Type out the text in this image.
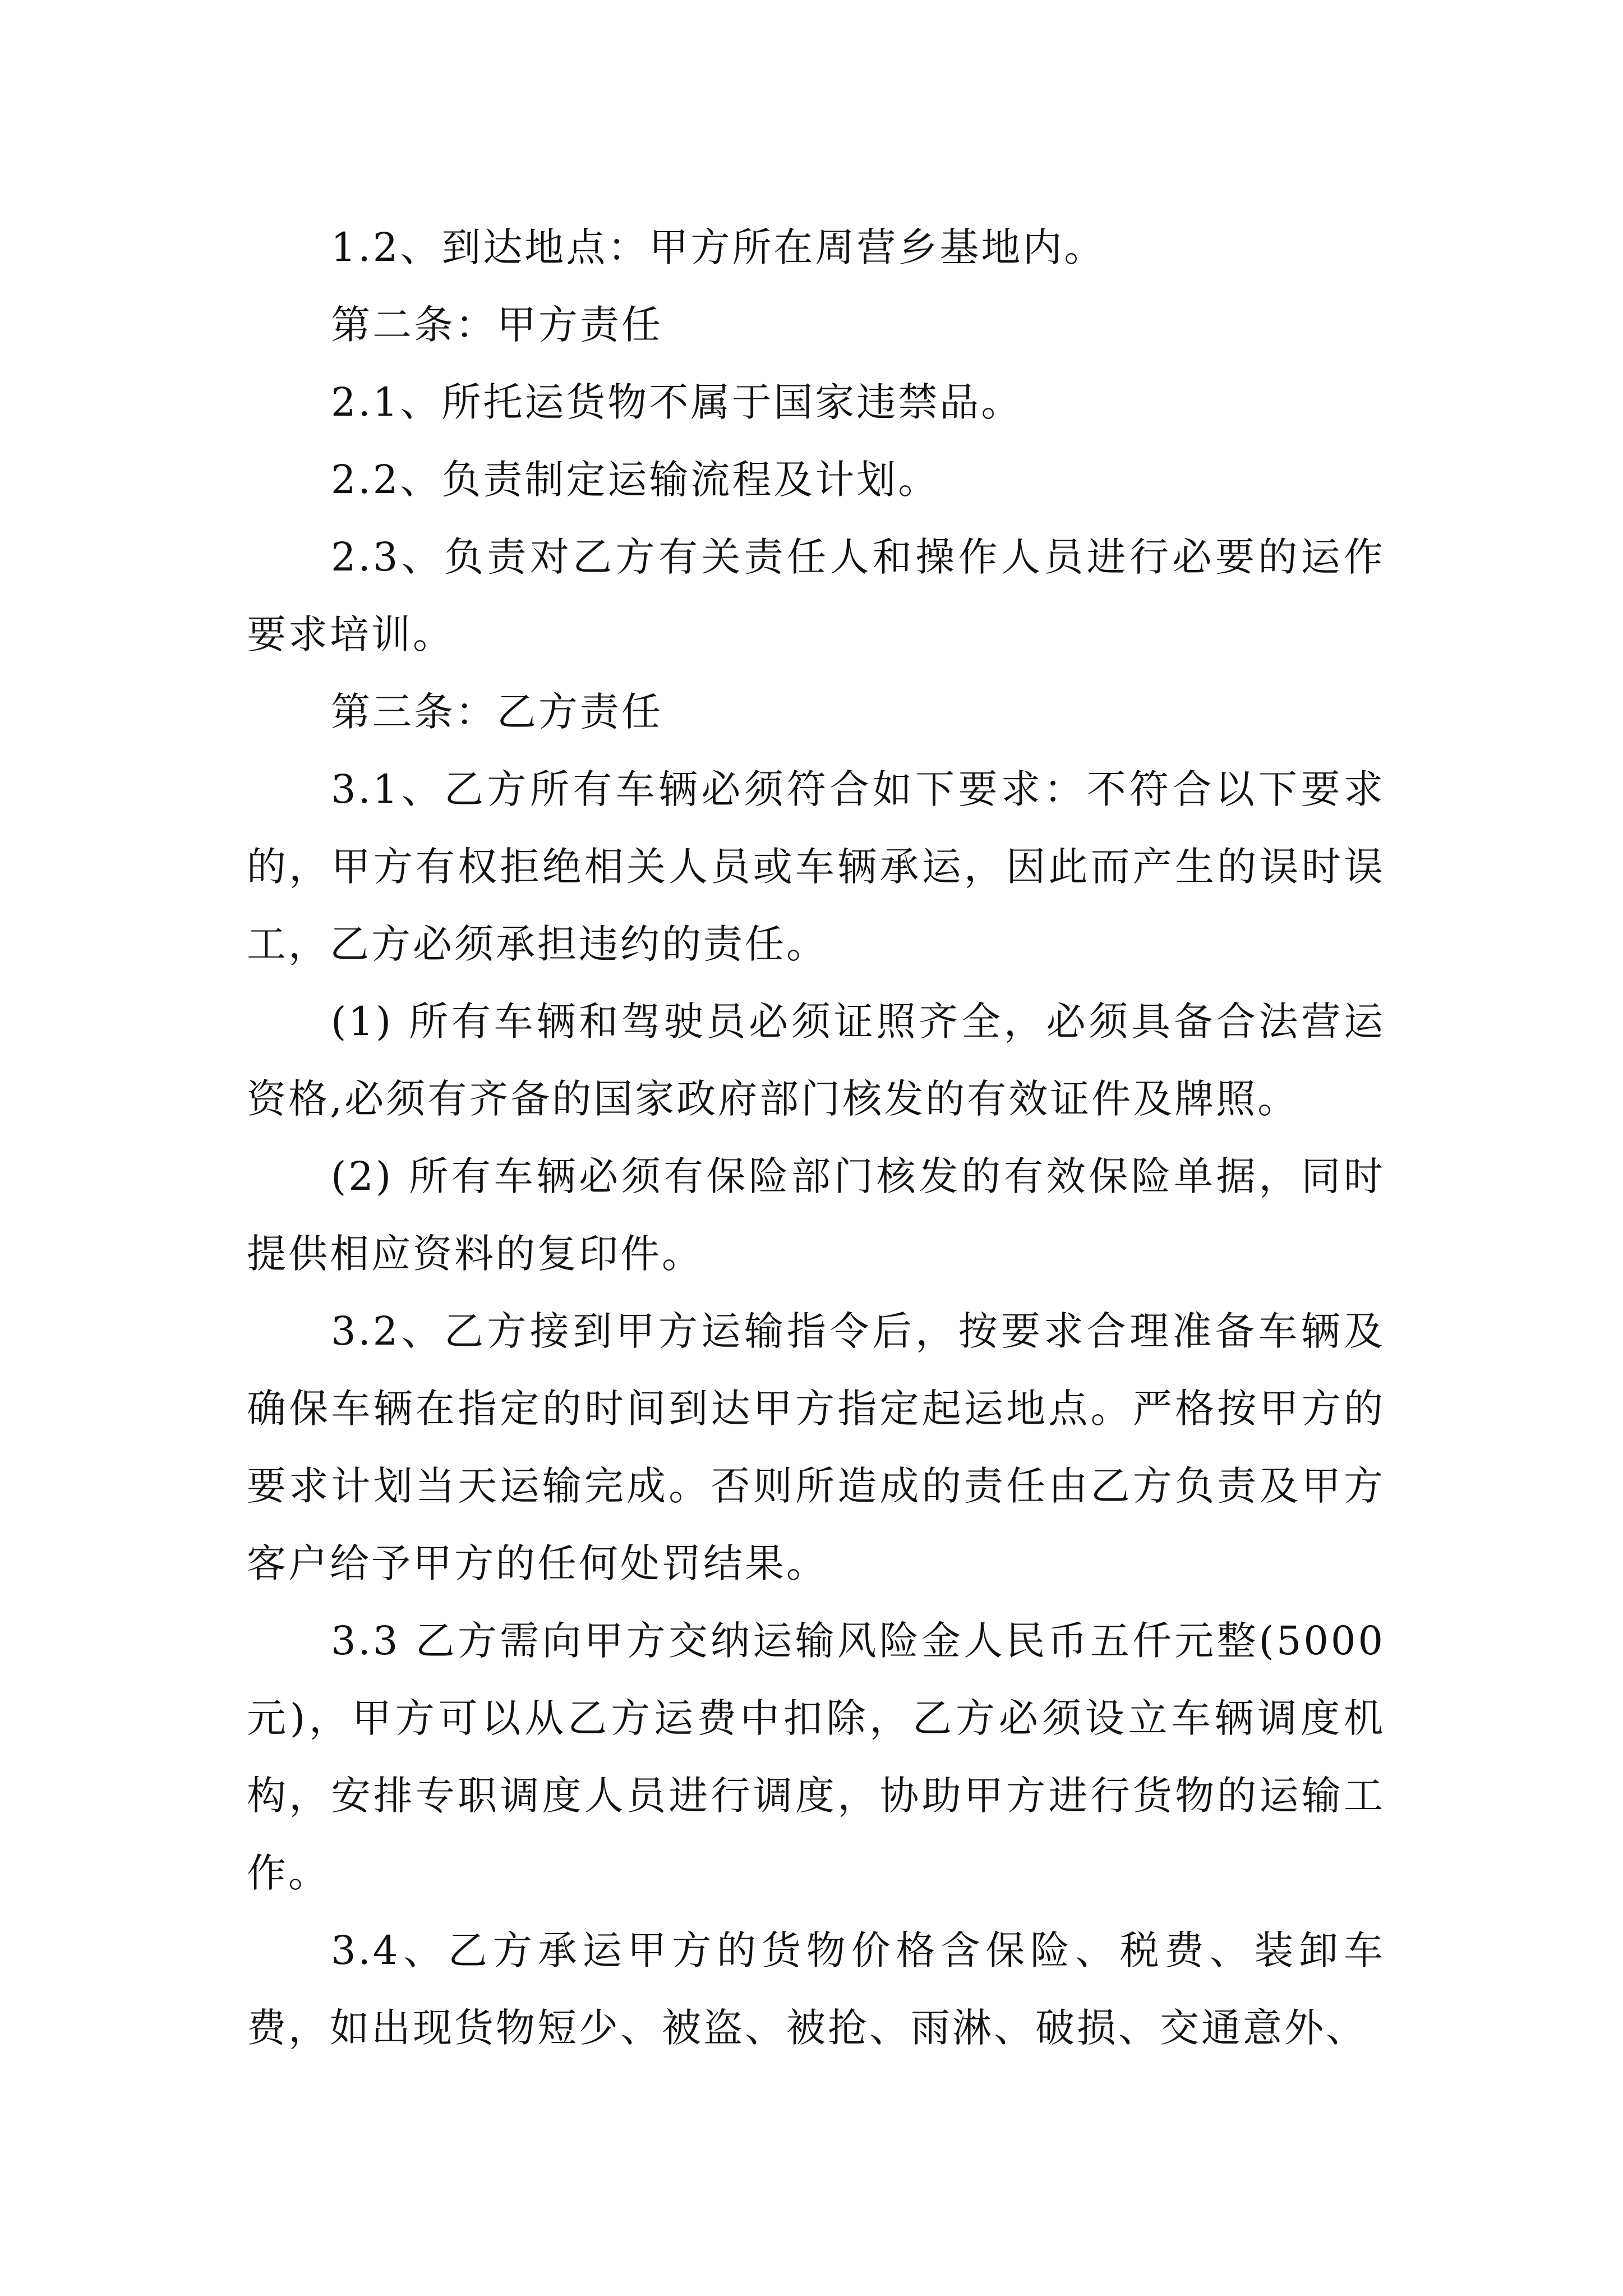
1.2、到达地点：甲方所在周营乡基地内。

第二条：甲方责任

2.1、所托运货物不属于国家违禁品。

2.2、负责制定运输流程及计划。

2.3、负责对乙方有关责任人和操作人员进行必要的运作要求培训。

第三条：乙方责任

3.1、乙方所有车辆必须符合如下要求：不符合以下要求的，甲方有权拒绝相关人员或车辆承运，因此而产生的误时误工，乙方必须承担违约的责任。

(1) 所有车辆和驾驶员必须证照齐全，必须具备合法营运资格,必须有齐备的国家政府部门核发的有效证件及牌照。

(2) 所有车辆必须有保险部门核发的有效保险单据，同时提供相应资料的复印件。

3.2、乙方接到甲方运输指令后，按要求合理准备车辆及确保车辆在指定的时间到达甲方指定起运地点。严格按甲方的要求计划当天运输完成。否则所造成的责任由乙方负责及甲方客户给予甲方的任何处罚结果。

3.3 乙方需向甲方交纳运输风险金人民币五仟元整(5000 元)，甲方可以从乙方运费中扣除，乙方必须设立车辆调度机构，安排专职调度人员进行调度，协助甲方进行货物的运输工作。

3.4、乙方承运甲方的货物价格含保险、税费、装卸车费，如出现货物短少、被盗、被抢、雨淋、破损、交通意外、
